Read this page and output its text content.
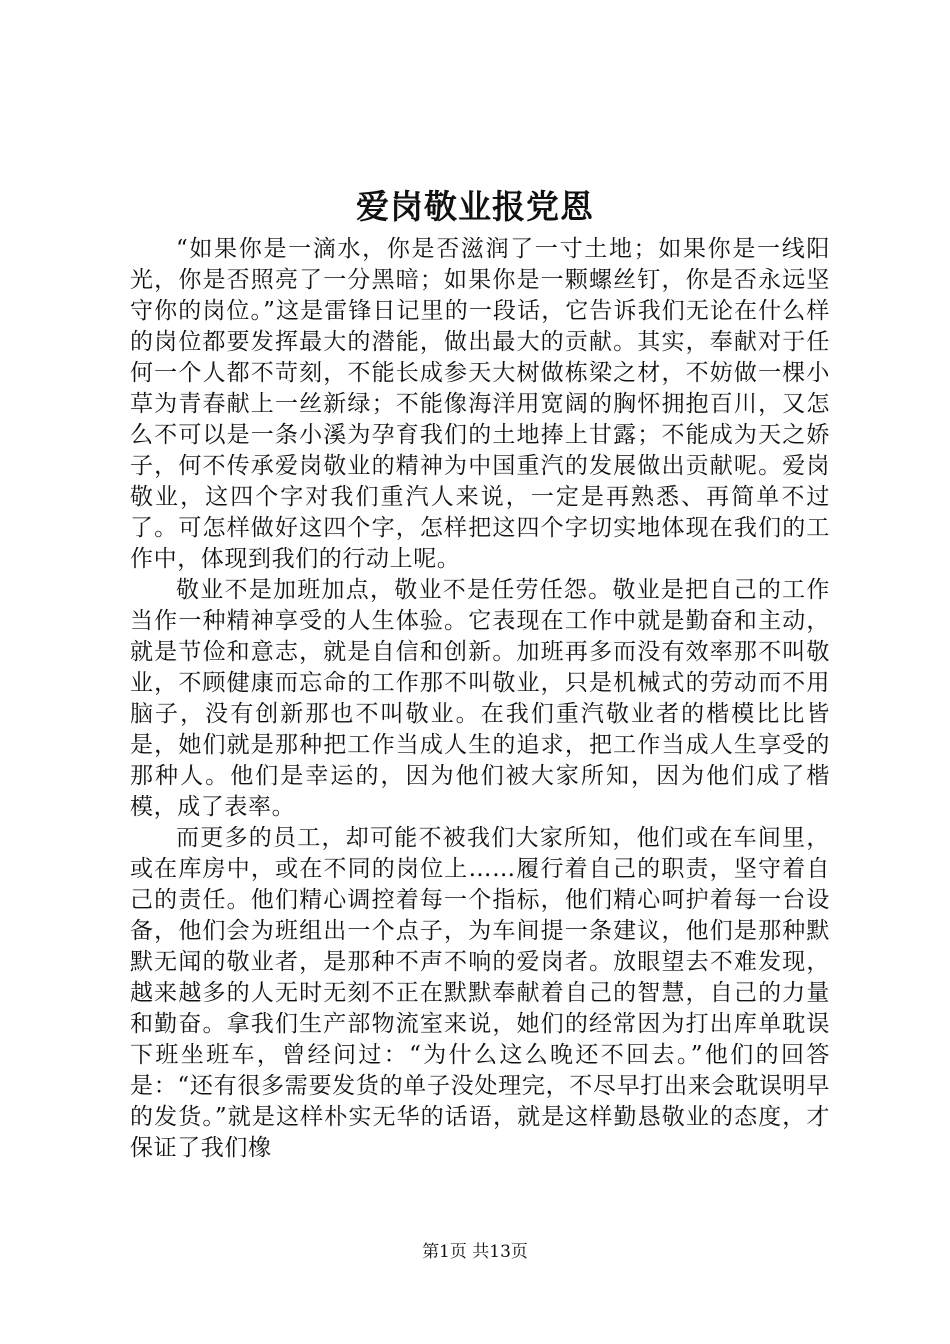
爱岗敬业报党恩

“如果你是一滴水，你是否滋润了一寸土地；如果你是一线阳光，你是否照亮了一分黑暗；如果你是一颗螺丝钉，你是否永远坚守你的岗位。”这是雷锋日记里的一段话，它告诉我们无论在什么样的岗位都要发挥最大的潜能，做出最大的贡献。其实，奉献对于任何一个人都不苛刻，不能长成参天大树做栋梁之材，不妨做一棵小草为青春献上一丝新绿；不能像海洋用宽阔的胸怀拥抱百川，又怎么不可以是一条小溪为孕育我们的土地捧上甘露；不能成为天之娇子，何不传承爱岗敬业的精神为中国重汽的发展做出贡献呢。爱岗敬业，这四个字对我们重汽人来说，一定是再熟悉、再简单不过了。可怎样做好这四个字，怎样把这四个字切实地体现在我们的工作中，体现到我们的行动上呢。

敬业不是加班加点，敬业不是任劳任怨。敬业是把自己的工作当作一种精神享受的人生体验。它表现在工作中就是勤奋和主动，就是节俭和意志，就是自信和创新。加班再多而没有效率那不叫敬业，不顾健康而忘命的工作那不叫敬业，只是机械式的劳动而不用脑子，没有创新那也不叫敬业。在我们重汽敬业者的楷模比比皆是，她们就是那种把工作当成人生的追求，把工作当成人生享受的那种人。他们是幸运的，因为他们被大家所知，因为他们成了楷模，成了表率。

而更多的员工，却可能不被我们大家所知，他们或在车间里，或在库房中，或在不同的岗位上……履行着自己的职责，坚守着自己的责任。他们精心调控着每一个指标，他们精心呵护着每一台设备，他们会为班组出一个点子，为车间提一条建议，他们是那种默默无闻的敬业者，是那种不声不响的爱岗者。放眼望去不难发现，越来越多的人无时无刻不正在默默奉献着自己的智慧，自己的力量和勤奋。拿我们生产部物流室来说，她们的经常因为打出库单耽误下班坐班车，曾经问过：“为什么这么晚还不回去。”他们的回答是：“还有很多需要发货的单子没处理完，不尽早打出来会耽误明早的发货。”就是这样朴实无华的话语，就是这样勤恳敬业的态度，才保证了我们橡

第1页 共13页
